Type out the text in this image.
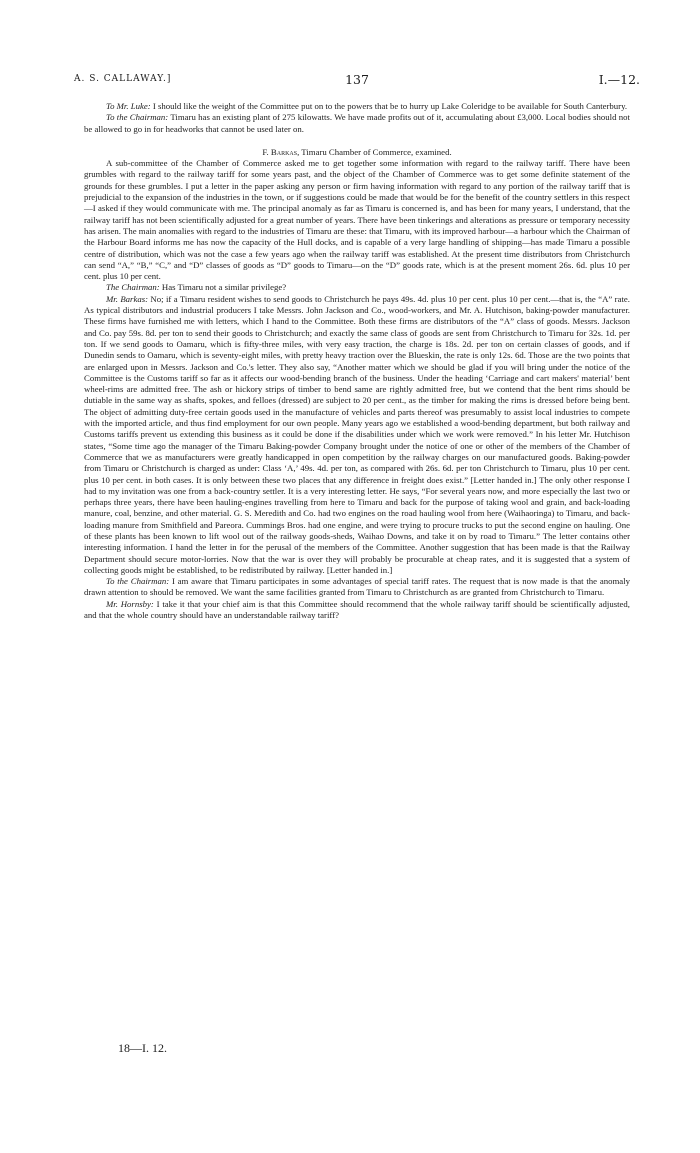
A. S. CALLAWAY.]	137	I.—12.

To Mr. Luke: I should like the weight of the Committee put on to the powers that be to hurry up Lake Coleridge to be available for South Canterbury.

To the Chairman: Timaru has an existing plant of 275 kilowatts. We have made profits out of it, accumulating about £3,000. Local bodies should not be allowed to go in for headworks that cannot be used later on.

F. Barkas, Timaru Chamber of Commerce, examined.

A sub-committee of the Chamber of Commerce asked me to get together some information with regard to the railway tariff. There have been grumbles with regard to the railway tariff for some years past, and the object of the Chamber of Commerce was to get some definite statement of the grounds for these grumbles. I put a letter in the paper asking any person or firm having information with regard to any portion of the railway tariff that is prejudicial to the expansion of the industries in the town, or if suggestions could be made that would be for the benefit of the country settlers in this respect—I asked if they would communicate with me. The principal anomaly as far as Timaru is concerned is, and has been for many years, I understand, that the railway tariff has not been scientifically adjusted for a great number of years. There have been tinkerings and alterations as pressure or temporary necessity has arisen. The main anomalies with regard to the industries of Timaru are these: that Timaru, with its improved harbour—a harbour which the Chairman of the Harbour Board informs me has now the capacity of the Hull docks, and is capable of a very large handling of shipping—has made Timaru a possible centre of distribution, which was not the case a few years ago when the railway tariff was established. At the present time distributors from Christchurch can send “A,” “B,” “C,” and “D” classes of goods as “D” goods to Timaru—on the “D” goods rate, which is at the present moment 26s. 6d. plus 10 per cent. plus 10 per cent.

The Chairman: Has Timaru not a similar privilege?

Mr. Barkas: No; if a Timaru resident wishes to send goods to Christchurch he pays 49s. 4d. plus 10 per cent. plus 10 per cent.—that is, the “A” rate. As typical distributors and industrial producers I take Messrs. John Jackson and Co., wood-workers, and Mr. A. Hutchison, baking-powder manufacturer. These firms have furnished me with letters, which I hand to the Committee. Both these firms are distributors of the “A” class of goods. Messrs. Jackson and Co. pay 59s. 8d. per ton to send their goods to Christchurch; and exactly the same class of goods are sent from Christchurch to Timaru for 32s. 1d. per ton. If we send goods to Oamaru, which is fifty-three miles, with very easy traction, the charge is 18s. 2d. per ton on certain classes of goods, and if Dunedin sends to Oamaru, which is seventy-eight miles, with pretty heavy traction over the Blueskin, the rate is only 12s. 6d. Those are the two points that are enlarged upon in Messrs. Jackson and Co.'s letter. They also say, “Another matter which we should be glad if you will bring under the notice of the Committee is the Customs tariff so far as it affects our wood-bending branch of the business. Under the heading ‘Carriage and cart makers' material’ bent wheel-rims are admitted free. The ash or hickory strips of timber to bend same are rightly admitted free, but we contend that the bent rims should be dutiable in the same way as shafts, spokes, and felloes (dressed) are subject to 20 per cent., as the timber for making the rims is dressed before being bent. The object of admitting duty-free certain goods used in the manufacture of vehicles and parts thereof was presumably to assist local industries to compete with the imported article, and thus find employment for our own people. Many years ago we established a wood-bending department, but both railway and Customs tariffs prevent us extending this business as it could be done if the disabilities under which we work were removed.” In his letter Mr. Hutchison states, “Some time ago the manager of the Timaru Baking-powder Company brought under the notice of one or other of the members of the Chamber of Commerce that we as manufacturers were greatly handicapped in open competition by the railway charges on our manufactured goods. Baking-powder from Timaru or Christchurch is charged as under: Class ‘A,’ 49s. 4d. per ton, as compared with 26s. 6d. per ton Christchurch to Timaru, plus 10 per cent. plus 10 per cent. in both cases. It is only between these two places that any difference in freight does exist.” [Letter handed in.] The only other response I had to my invitation was one from a back-country settler. It is a very interesting letter. He says, “For several years now, and more especially the last two or perhaps three years, there have been hauling-engines travelling from here to Timaru and back for the purpose of taking wool and grain, and back-loading manure, coal, benzine, and other material. G. S. Meredith and Co. had two engines on the road hauling wool from here (Waihaoringa) to Timaru, and back-loading manure from Smithfield and Pareora. Cummings Bros. had one engine, and were trying to procure trucks to put the second engine on hauling. One of these plants has been known to lift wool out of the railway goods-sheds, Waihao Downs, and take it on by road to Timaru.” The letter contains other interesting information. I hand the letter in for the perusal of the members of the Committee. Another suggestion that has been made is that the Railway Department should secure motor-lorries. Now that the war is over they will probably be procurable at cheap rates, and it is suggested that a system of collecting goods might be established, to be redistributed by railway. [Letter handed in.]

To the Chairman: I am aware that Timaru participates in some advantages of special tariff rates. The request that is now made is that the anomaly drawn attention to should be removed. We want the same facilities granted from Timaru to Christchurch as are granted from Christchurch to Timaru.

Mr. Hornsby: I take it that your chief aim is that this Committee should recommend that the whole railway tariff should be scientifically adjusted, and that the whole country should have an understandable railway tariff?

18—I. 12.
